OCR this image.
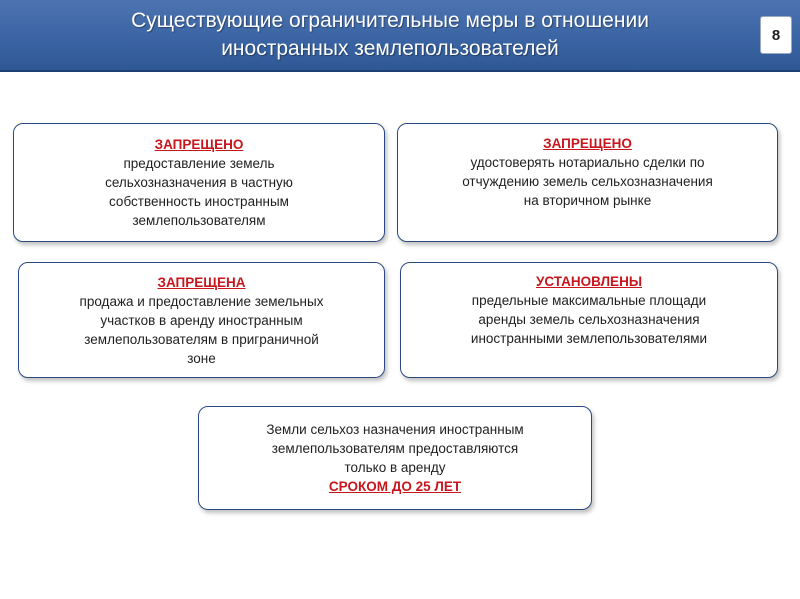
Существующие ограничительные меры в отношении
иностранных землепользователей
8
ЗАПРЕЩЕНО
предоставление земель
сельхозназначения в частную
собственность иностранным
землепользователям
ЗАПРЕЩЕНО
удостоверять нотариально сделки по
отчуждению земель сельхозназначения
на вторичном рынке
ЗАПРЕЩЕНА
продажа и предоставление земельных
участков в аренду иностранным
землепользователям в приграничной
зоне
УСТАНОВЛЕНЫ
предельные максимальные площади
аренды земель сельхозназначения
иностранными землепользователями
Земли сельхоз назначения иностранным
землепользователям предоставляются
только в аренду
СРОКОМ ДО 25 ЛЕТ
